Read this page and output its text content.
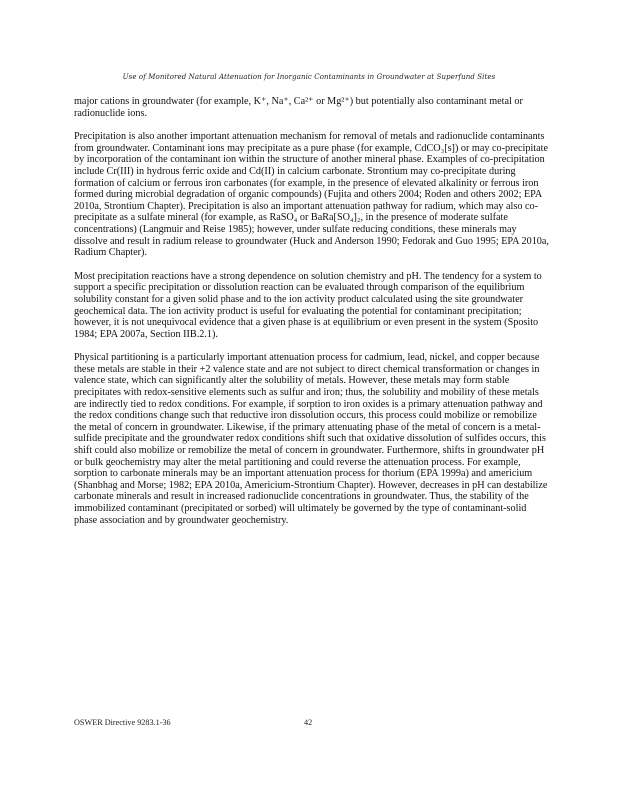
Use of Monitored Natural Attenuation for Inorganic Contaminants in Groundwater at Superfund Sites

major cations in groundwater (for example, K⁺, Na⁺, Ca²⁺ or Mg²⁺) but potentially also contaminant metal or radionuclide ions.

Precipitation is also another important attenuation mechanism for removal of metals and radionuclide contaminants from groundwater. Contaminant ions may precipitate as a pure phase (for example, CdCO₃[s]) or may co-precipitate by incorporation of the contaminant ion within the structure of another mineral phase. Examples of co-precipitation include Cr(III) in hydrous ferric oxide and Cd(II) in calcium carbonate. Strontium may co-precipitate during formation of calcium or ferrous iron carbonates (for example, in the presence of elevated alkalinity or ferrous iron formed during microbial degradation of organic compounds) (Fujita and others 2004; Roden and others 2002; EPA 2010a, Strontium Chapter). Precipitation is also an important attenuation pathway for radium, which may also co-precipitate as a sulfate mineral (for example, as RaSO₄ or BaRa[SO₄]₂, in the presence of moderate sulfate concentrations) (Langmuir and Reise 1985); however, under sulfate reducing conditions, these minerals may dissolve and result in radium release to groundwater (Huck and Anderson 1990; Fedorak and Guo 1995; EPA 2010a, Radium Chapter).

Most precipitation reactions have a strong dependence on solution chemistry and pH. The tendency for a system to support a specific precipitation or dissolution reaction can be evaluated through comparison of the equilibrium solubility constant for a given solid phase and to the ion activity product calculated using the site groundwater geochemical data. The ion activity product is useful for evaluating the potential for contaminant precipitation; however, it is not unequivocal evidence that a given phase is at equilibrium or even present in the system (Sposito 1984; EPA 2007a, Section IIB.2.1).

Physical partitioning is a particularly important attenuation process for cadmium, lead, nickel, and copper because these metals are stable in their +2 valence state and are not subject to direct chemical transformation or changes in valence state, which can significantly alter the solubility of metals. However, these metals may form stable precipitates with redox-sensitive elements such as sulfur and iron; thus, the solubility and mobility of these metals are indirectly tied to redox conditions. For example, if sorption to iron oxides is a primary attenuation pathway and the redox conditions change such that reductive iron dissolution occurs, this process could mobilize or remobilize the metal of concern in groundwater. Likewise, if the primary attenuating phase of the metal of concern is a metal-sulfide precipitate and the groundwater redox conditions shift such that oxidative dissolution of sulfides occurs, this shift could also mobilize or remobilize the metal of concern in groundwater. Furthermore, shifts in groundwater pH or bulk geochemistry may alter the metal partitioning and could reverse the attenuation process. For example, sorption to carbonate minerals may be an important attenuation process for thorium (EPA 1999a) and americium (Shanbhag and Morse; 1982; EPA 2010a, Americium-Strontium Chapter). However, decreases in pH can destabilize carbonate minerals and result in increased radionuclide concentrations in groundwater. Thus, the stability of the immobilized contaminant (precipitated or sorbed) will ultimately be governed by the type of contaminant-solid phase association and by groundwater geochemistry.

OSWER Directive 9283.1-36	42
